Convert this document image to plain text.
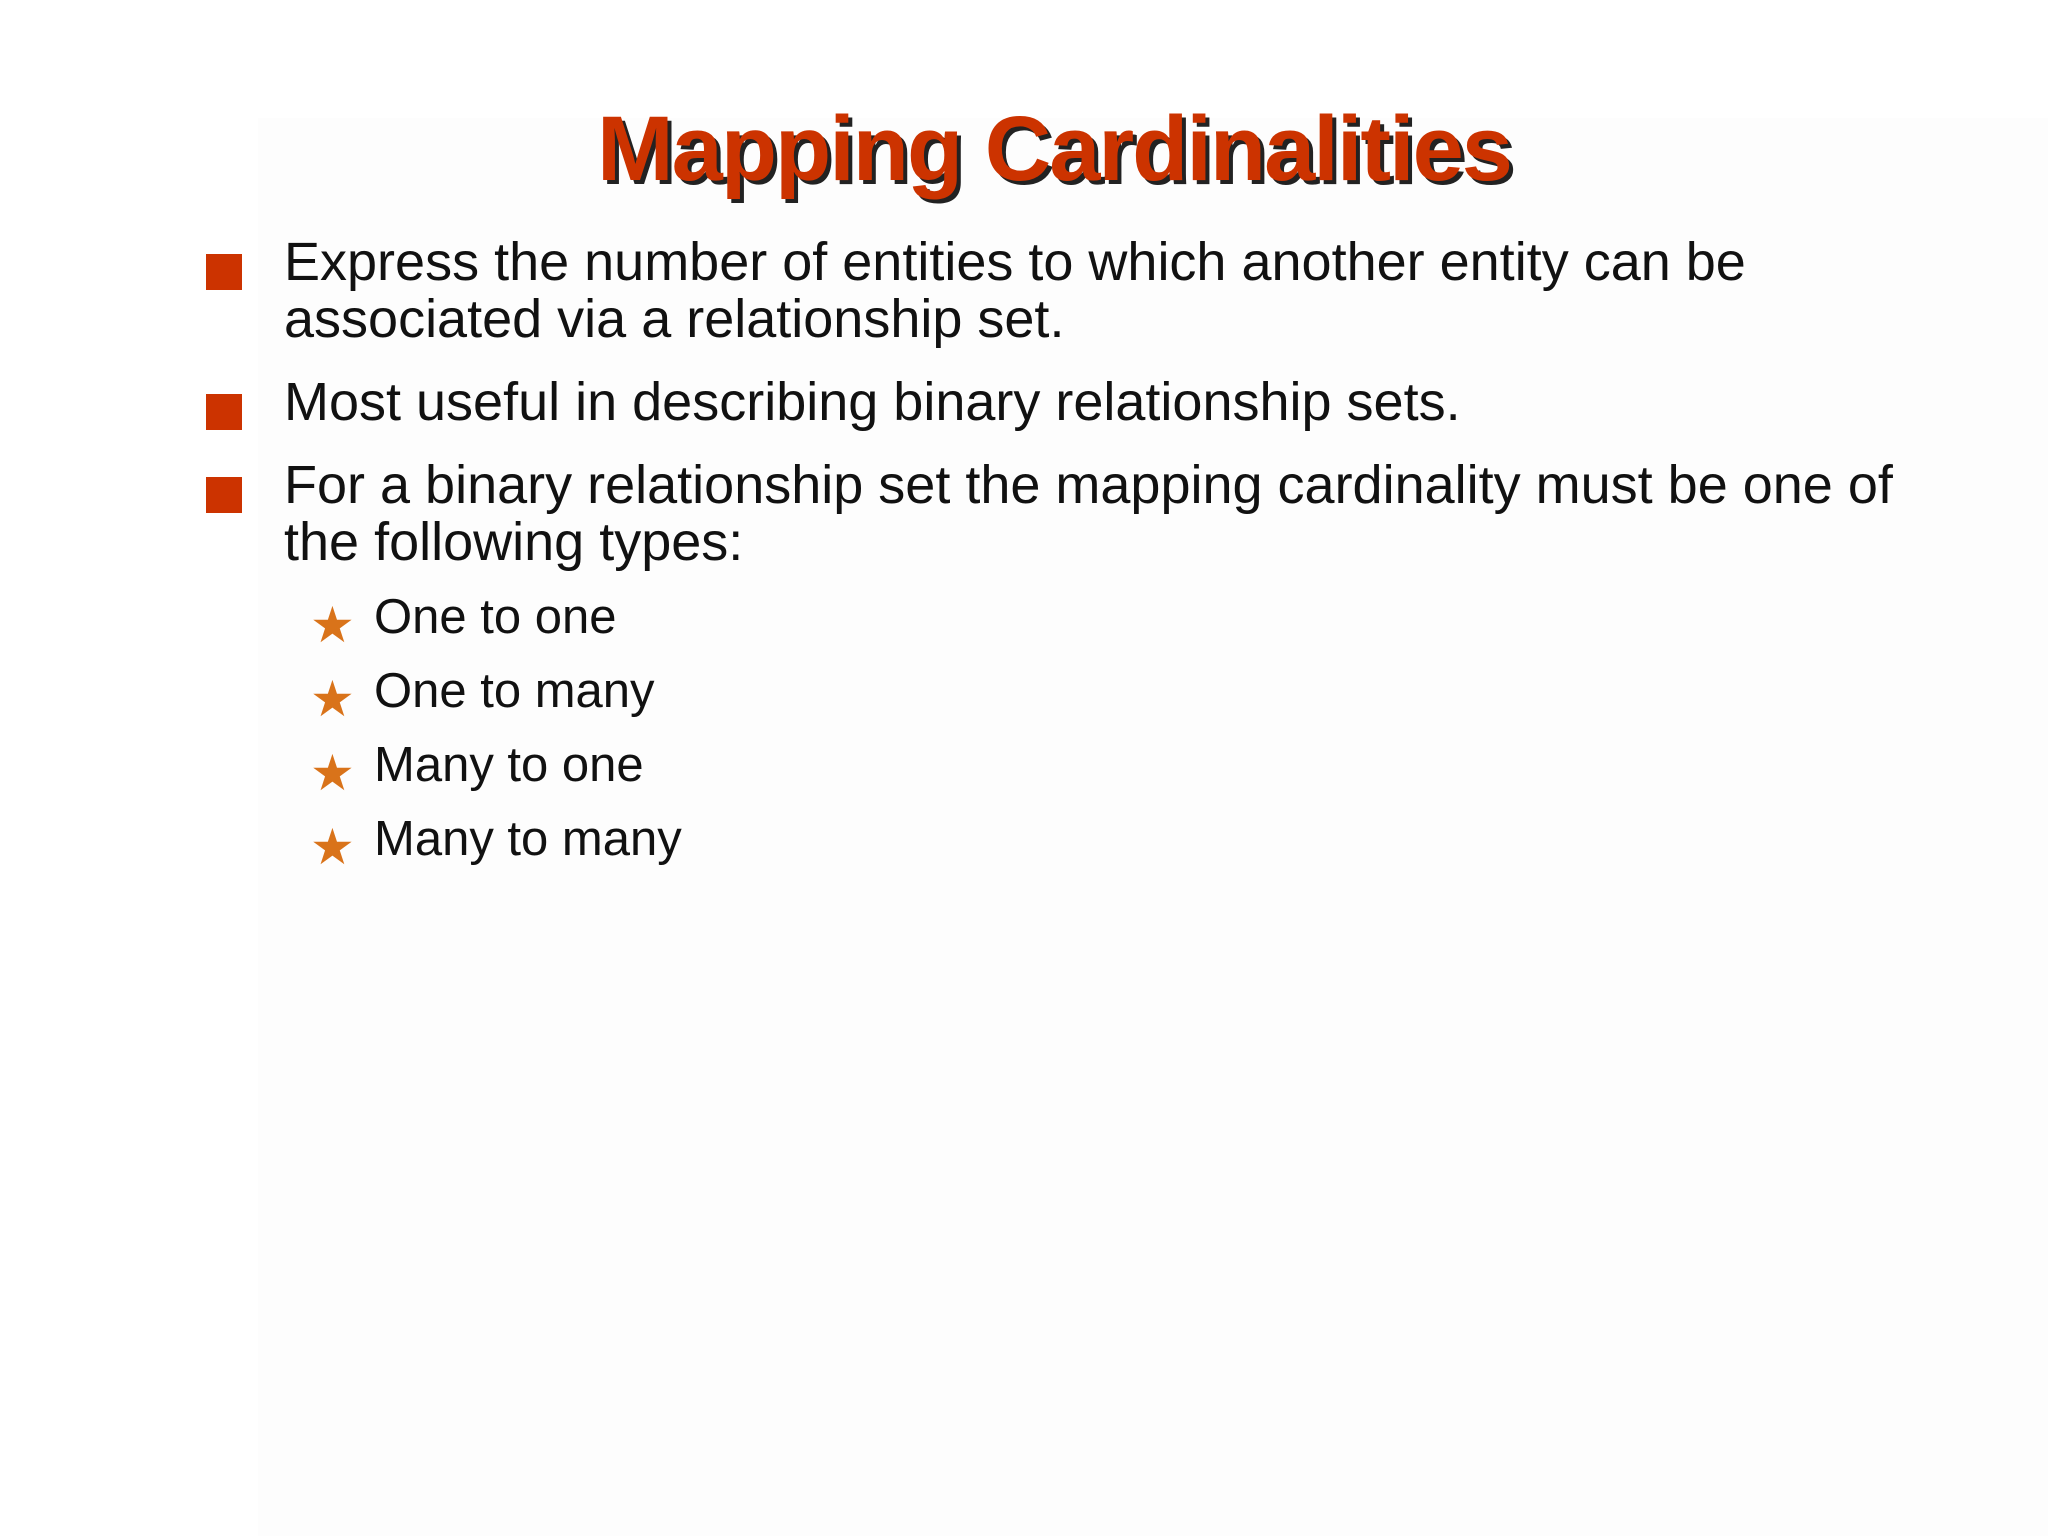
Mapping Cardinalities
Express the number of entities to which another entity can be associated via a relationship set.
Most useful in describing binary relationship sets.
For a binary relationship set the mapping cardinality must be one of the following types:
★ One to one
★ One to many
★ Many to one
★ Many to many
